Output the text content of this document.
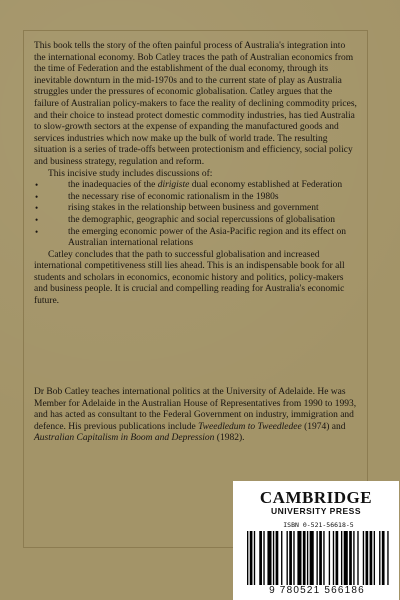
This book tells the story of the often painful process of Australia's integration into the international economy. Bob Catley traces the path of Australian economics from the time of Federation and the establishment of the dual economy, through its inevitable downturn in the mid-1970s and to the current state of play as Australia struggles under the pressures of economic globalisation. Catley argues that the failure of Australian policy-makers to face the reality of declining commodity prices, and their choice to instead protect domestic commodity industries, has tied Australia to slow-growth sectors at the expense of expanding the manufactured goods and services industries which now make up the bulk of world trade. The resulting situation is a series of trade-offs between protectionism and efficiency, social policy and business strategy, regulation and reform.

This incisive study includes discussions of:

•	the inadequacies of the dirigiste dual economy established at Federation
•	the necessary rise of economic rationalism in the 1980s
•	rising stakes in the relationship between business and government
•	the demographic, geographic and social repercussions of globalisation
•	the emerging economic power of the Asia-Pacific region and its effect on Australian international relations

Catley concludes that the path to successful globalisation and increased international competitiveness still lies ahead. This is an indispensable book for all students and scholars in economics, economic history and politics, policy-makers and business people. It is crucial and compelling reading for Australia's economic future.

Dr Bob Catley teaches international politics at the University of Adelaide. He was Member for Adelaide in the Australian House of Representatives from 1990 to 1993, and has acted as consultant to the Federal Government on industry, immigration and defence. His previous publications include Tweedledum to Tweedledee (1974) and Australian Capitalism in Boom and Depression (1982).

CAMBRIDGE
UNIVERSITY PRESS
ISBN 0-521-56618-5
9 780521 566186
